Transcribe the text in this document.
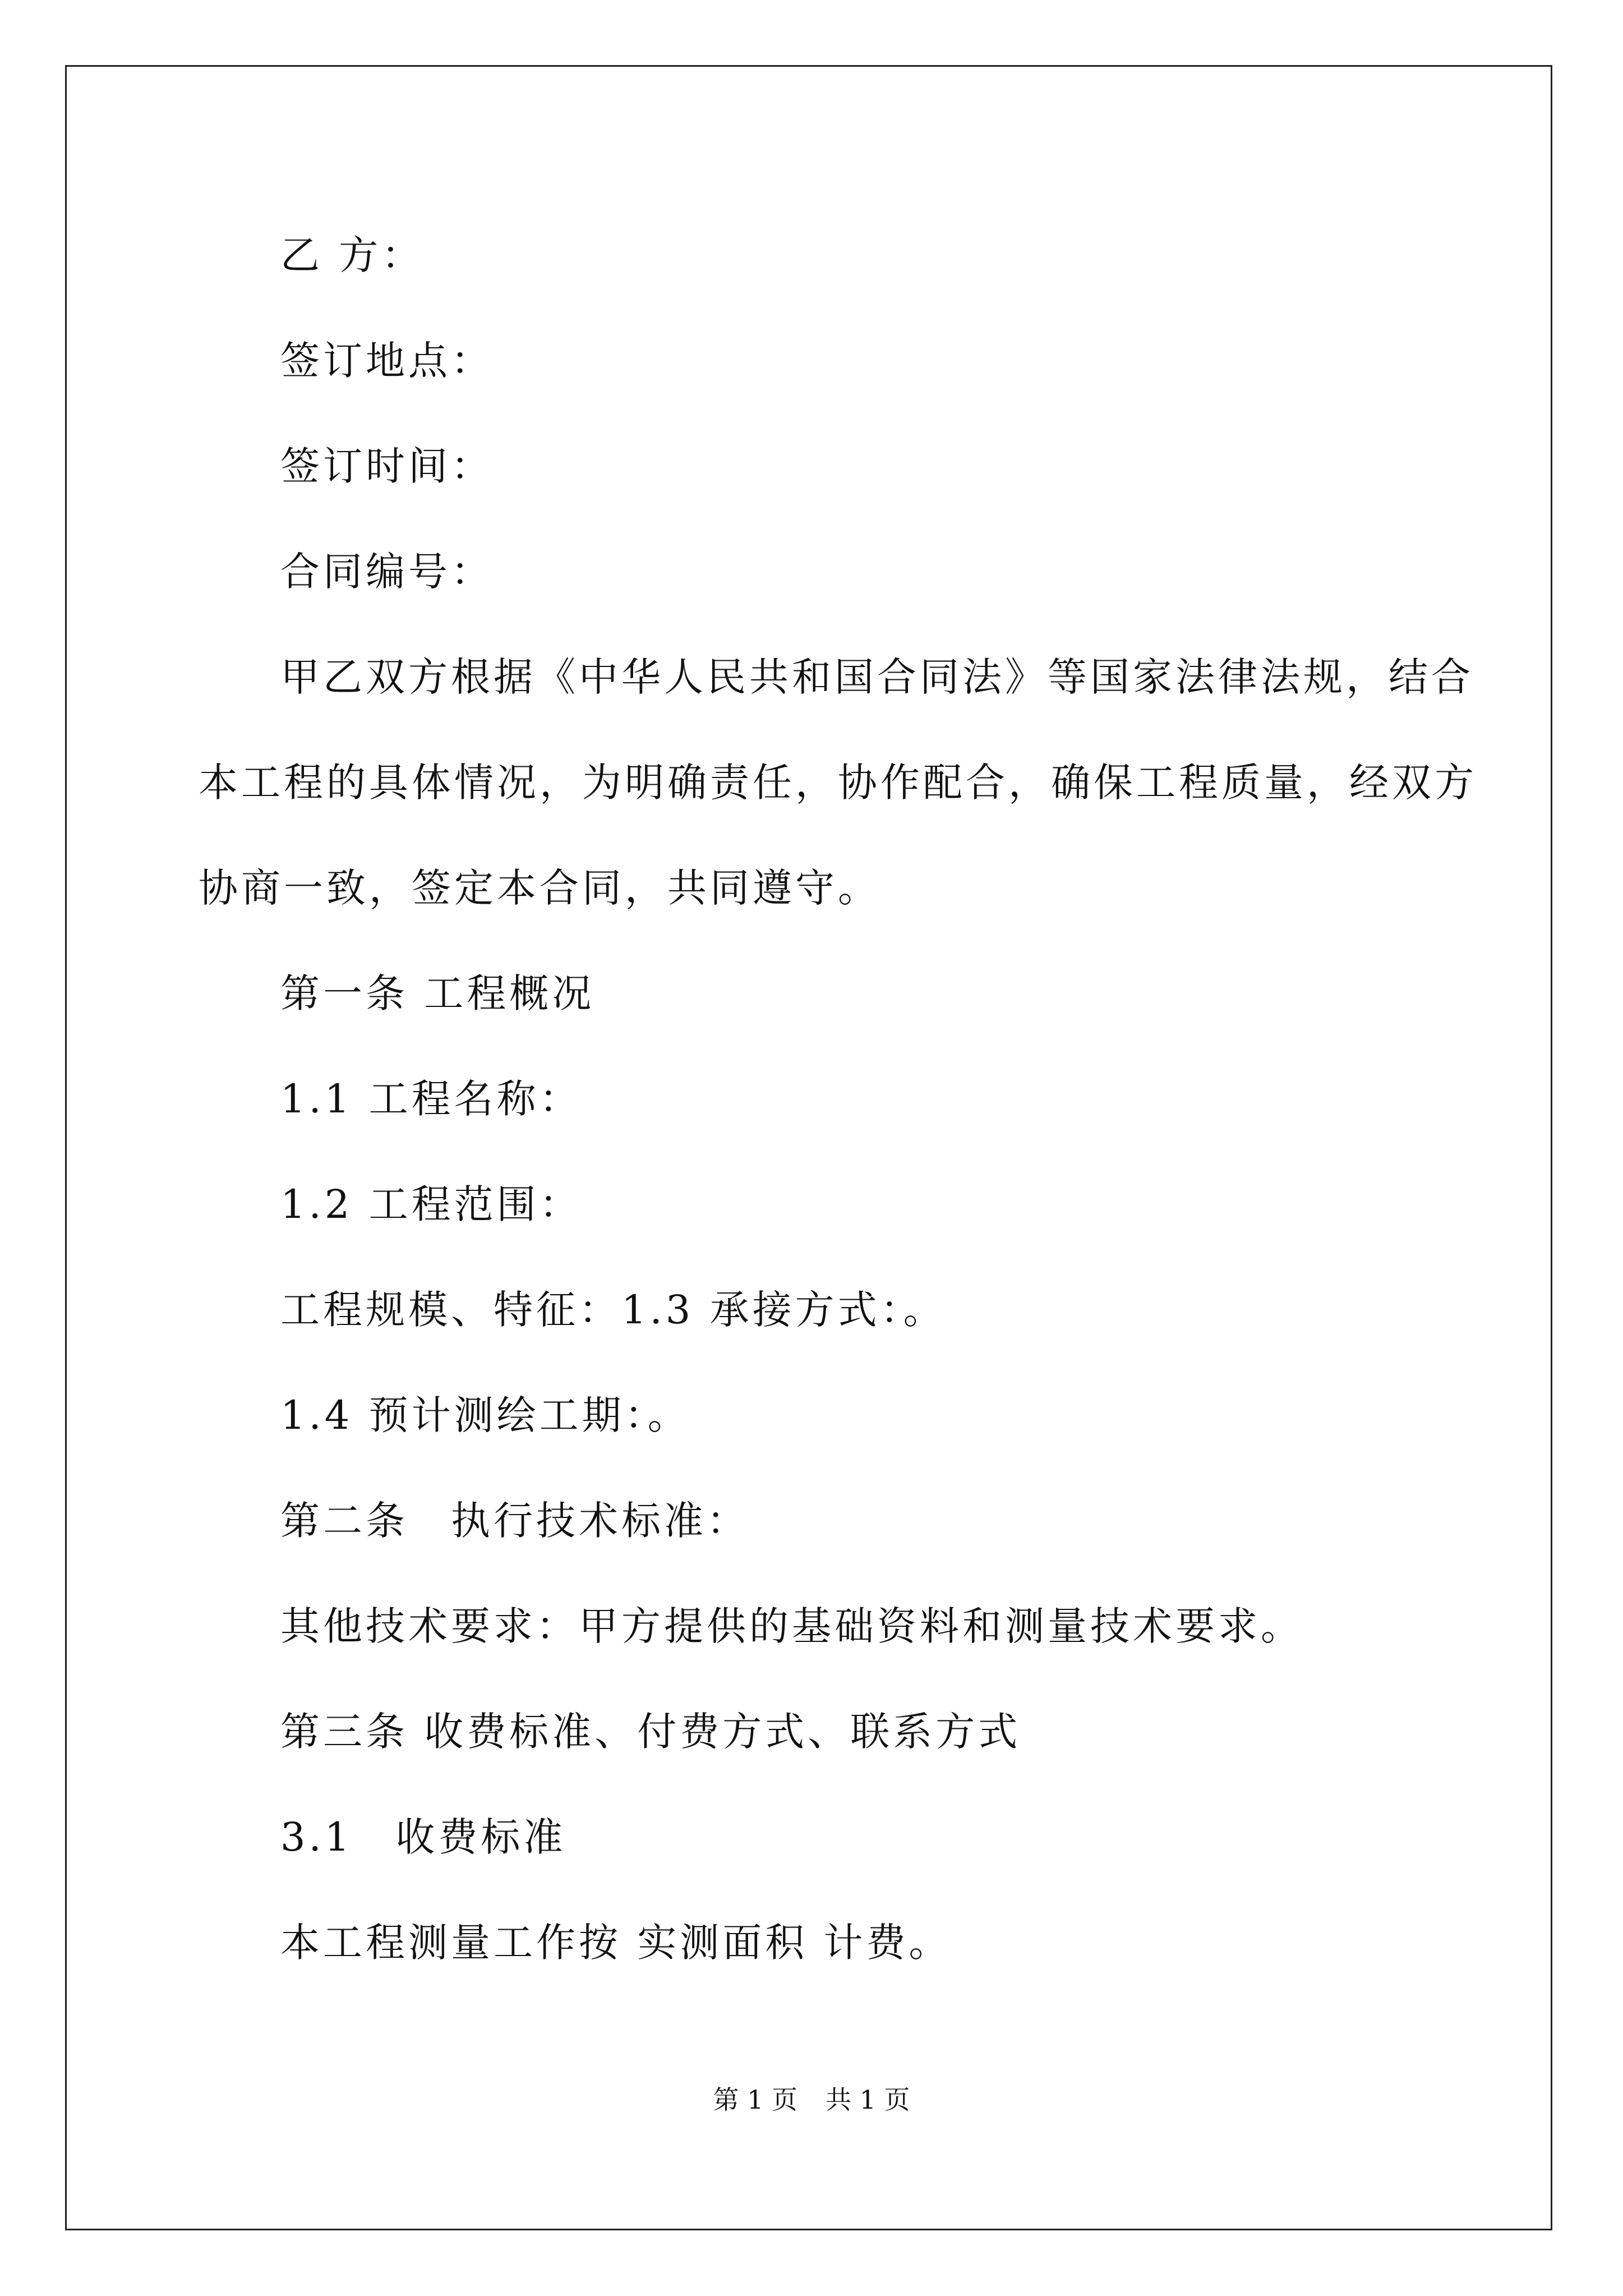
乙 方：
签订地点：
签订时间：
合同编号：
甲乙双方根据《中华人民共和国合同法》等国家法律法规，结合
本工程的具体情况，为明确责任，协作配合，确保工程质量，经双方
协商一致，签定本合同，共同遵守。
第一条 工程概况
1.1 工程名称：
1.2 工程范围：
工程规模、特征：1.3 承接方式：。
1.4 预计测绘工期：。
第二条　执行技术标准：
其他技术要求：甲方提供的基础资料和测量技术要求。
第三条 收费标准、付费方式、联系方式
3.1　收费标准
本工程测量工作按 实测面积 计费。
第 1 页 共 1 页
